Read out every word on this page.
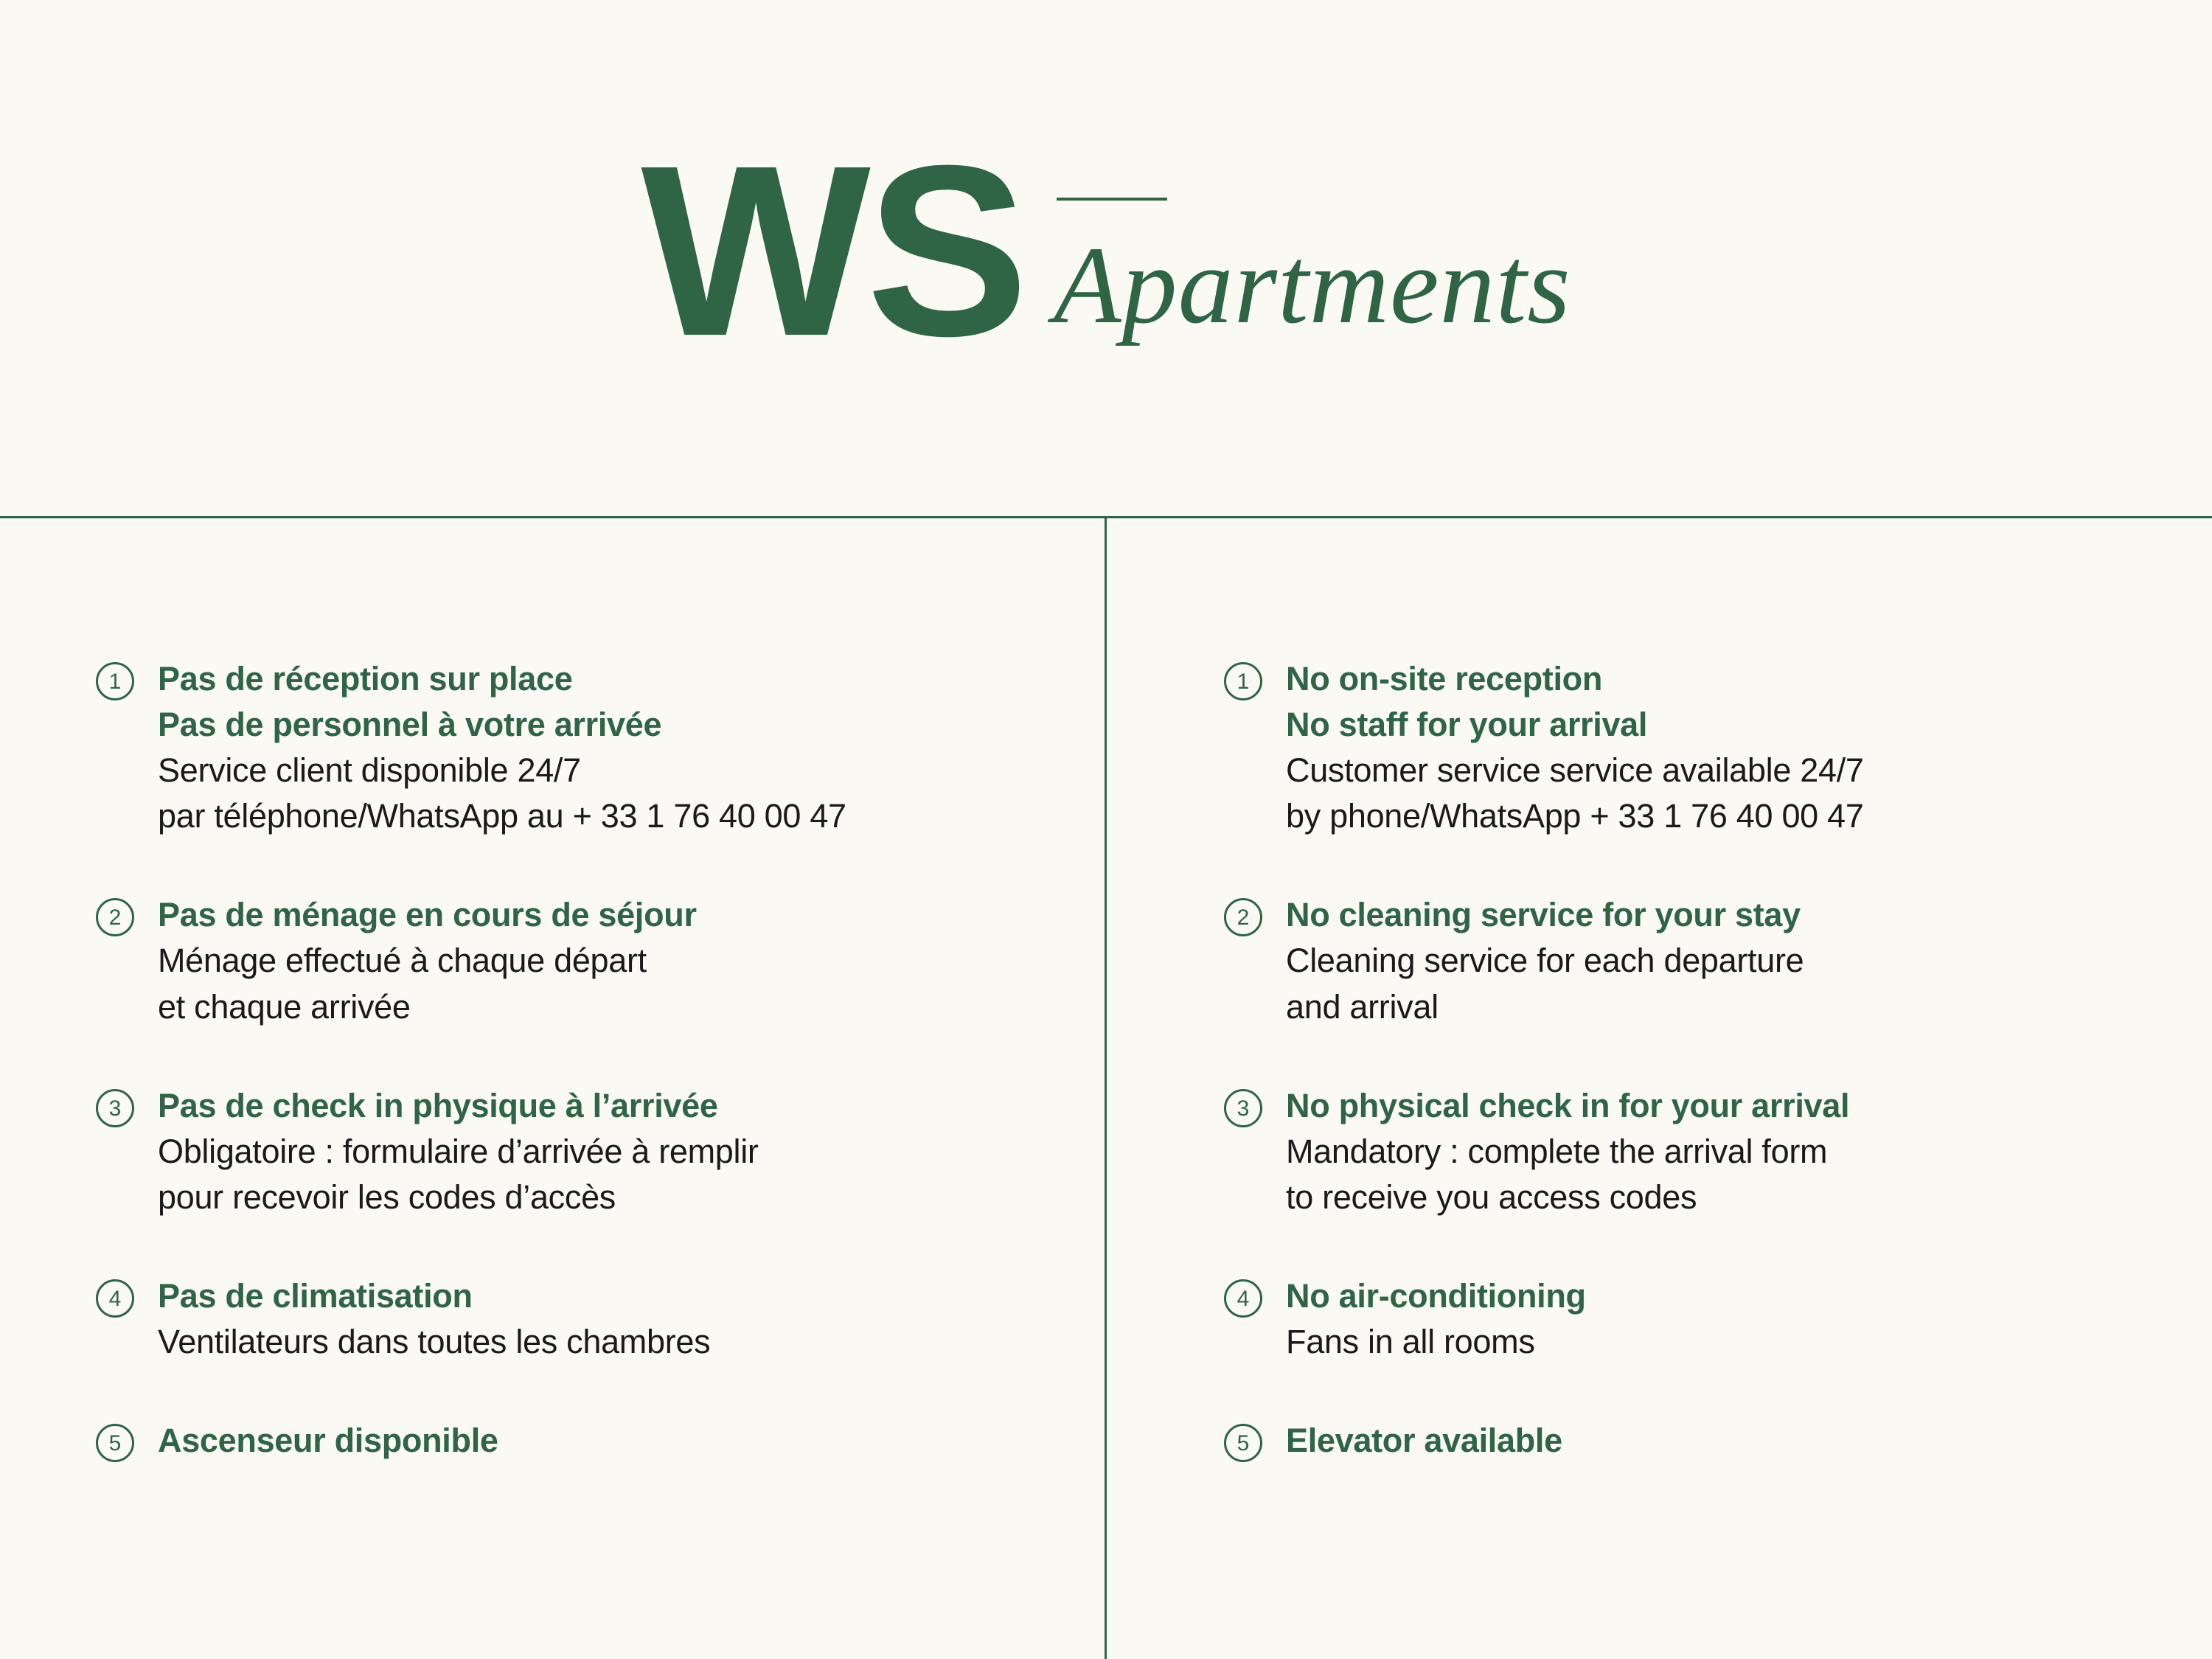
WS Apartments
1	Pas de réception sur place
Pas de personnel à votre arrivée
Service client disponible 24/7
par téléphone/WhatsApp au + 33 1 76 40 00 47
2	Pas de ménage en cours de séjour
Ménage effectué à chaque départ
et chaque arrivée
3	Pas de check in physique à l’arrivée
Obligatoire : formulaire d’arrivée à remplir
pour recevoir les codes d’accès
4	Pas de climatisation
Ventilateurs dans toutes les chambres
5	Ascenseur disponible
1	No on-site reception
No staff for your arrival
Customer service service available 24/7
by phone/WhatsApp + 33 1 76 40 00 47
2	No cleaning service for your stay
Cleaning service for each departure
and arrival
3	No physical check in for your arrival
Mandatory : complete the arrival form
to receive you access codes
4	No air-conditioning
Fans in all rooms
5	Elevator available
